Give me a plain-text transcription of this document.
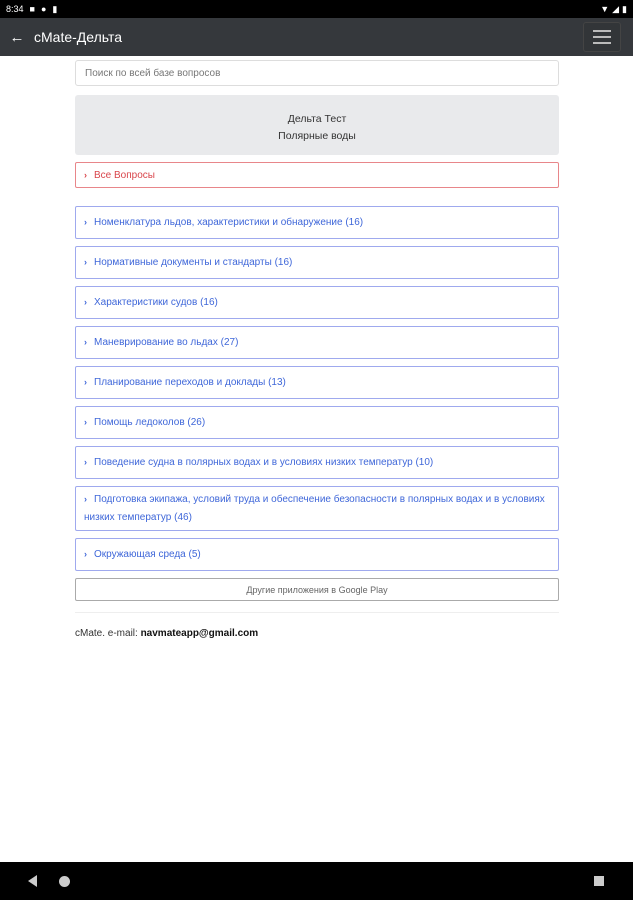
8:34 ■ ● ▮	▼ ◢ ▮
← cMate-Дельта
Поиск по всей базе вопросов
Дельта Тест
Полярные воды
› Все Вопросы
› Номенклатура льдов, характеристики и обнаружение (16)
› Нормативные документы и стандарты (16)
› Характеристики судов (16)
› Маневрирование во льдах (27)
› Планирование переходов и доклады (13)
› Помощь ледоколов (26)
› Поведение судна в полярных водах и в условиях низких температур (10)
› Подготовка экипажа, условий труда и обеспечение безопасности в полярных водах и в условиях низких температур (46)
› Окружающая среда (5)
Другие приложения в Google Play
cMate. e-mail: navmateapp@gmail.com
